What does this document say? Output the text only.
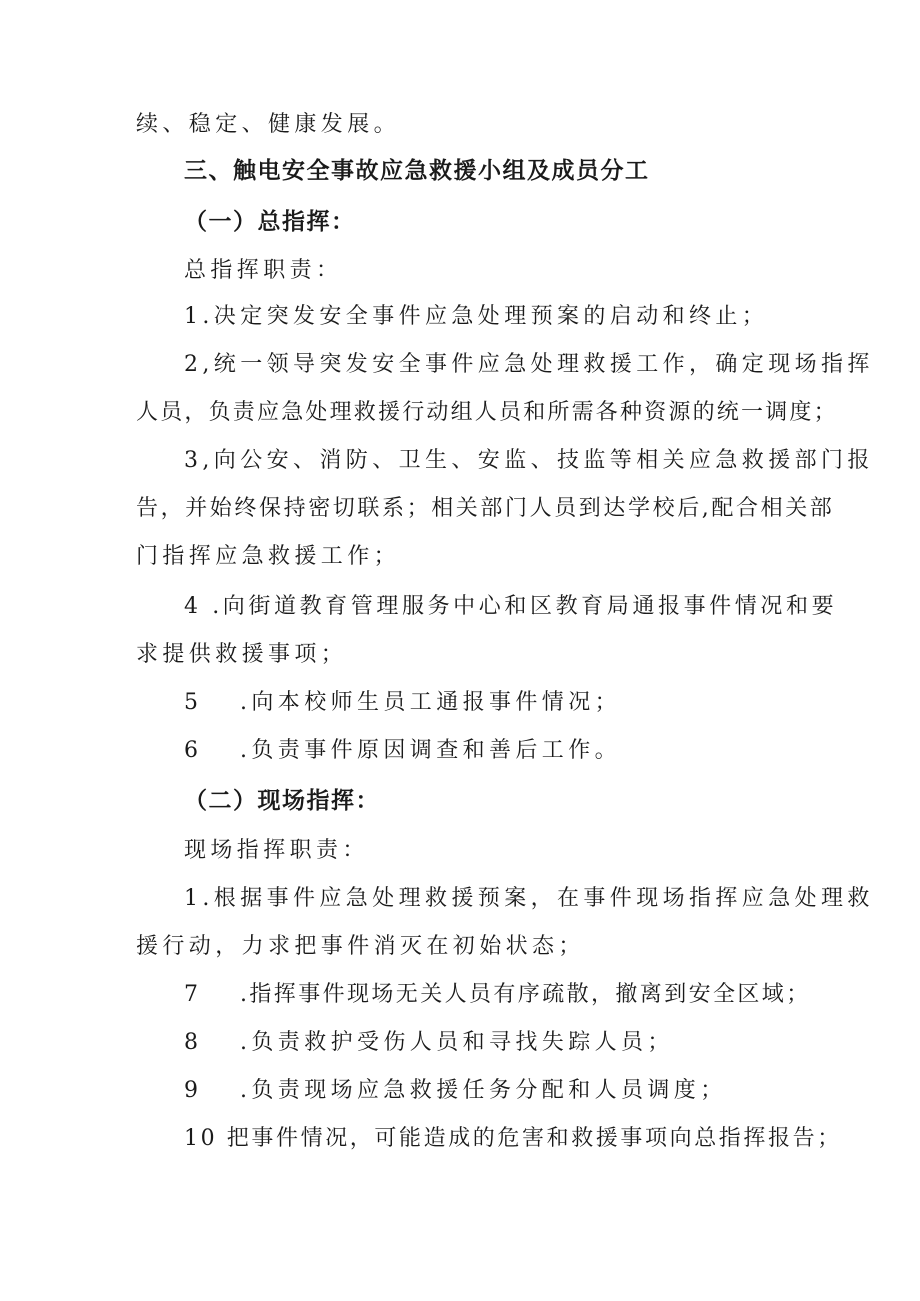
续、稳定、健康发展。
三、触电安全事故应急救援小组及成员分工
（一）总指挥：
总指挥职责：
1.决定突发安全事件应急处理预案的启动和终止；
2,统一领导突发安全事件应急处理救援工作，确定现场指挥
人员，负责应急处理救援行动组人员和所需各种资源的统一调度；
3,向公安、消防、卫生、安监、技监等相关应急救援部门报
告，并始终保持密切联系；相关部门人员到达学校后,配合相关部
门指挥应急救援工作；
4 .向街道教育管理服务中心和区教育局通报事件情况和要
求提供救援事项；
5 .向本校师生员工通报事件情况；
6 .负责事件原因调查和善后工作。
（二）现场指挥：
现场指挥职责：
1.根据事件应急处理救援预案，在事件现场指挥应急处理救
援行动，力求把事件消灭在初始状态；
7 .指挥事件现场无关人员有序疏散，撤离到安全区域；
8 .负责救护受伤人员和寻找失踪人员；
9 .负责现场应急救援任务分配和人员调度；
10 把事件情况，可能造成的危害和救援事项向总指挥报告；
